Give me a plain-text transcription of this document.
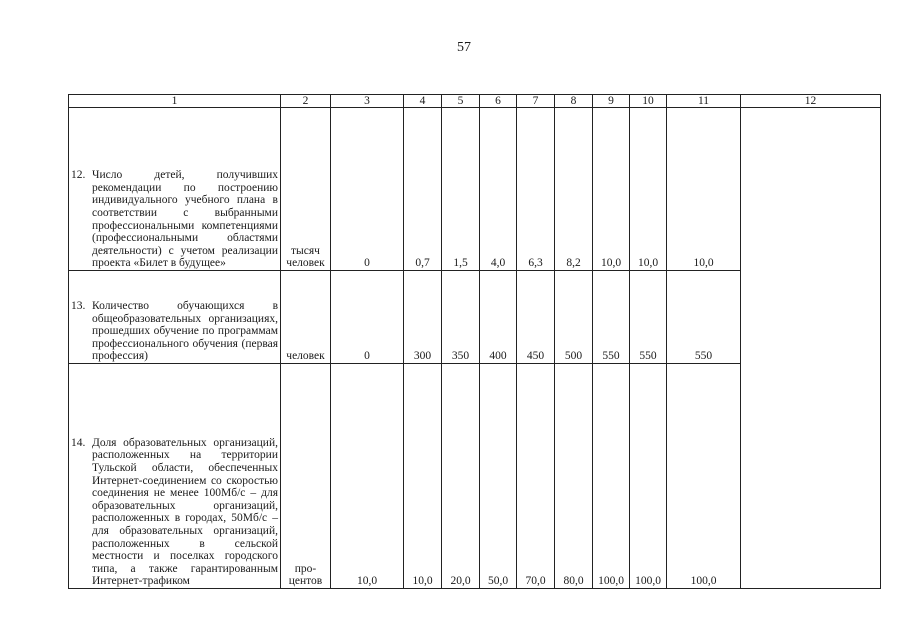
57
1	2	3	4	5	6	7	8	9	10	11	12

12. Число детей, получивших рекомендации по построению индивидуального учебного плана в соответствии с выбранными профессиональными компетенциями (профессиональными областями деятельности) с учетом реализации проекта «Билет в будущее»	тысяч человек	0	0,7	1,5	4,0	6,3	8,2	10,0	10,0	10,0	

13. Количество обучающихся в общеобразовательных организациях, прошедших обучение по программам профессионального обучения (первая профессия)	человек	0	300	350	400	450	500	550	550	550	

14. Доля образовательных организаций, расположенных на территории Тульской области, обеспеченных Интернет-соединением со скоростью соединения не менее 100Мб/с – для образовательных организаций, расположенных в городах, 50Мб/с – для образовательных организаций, расположенных в сельской местности и поселках городского типа, а также гарантированным Интернет-трафиком	про-центов	10,0	10,0	20,0	50,0	70,0	80,0	100,0	100,0	100,0	
